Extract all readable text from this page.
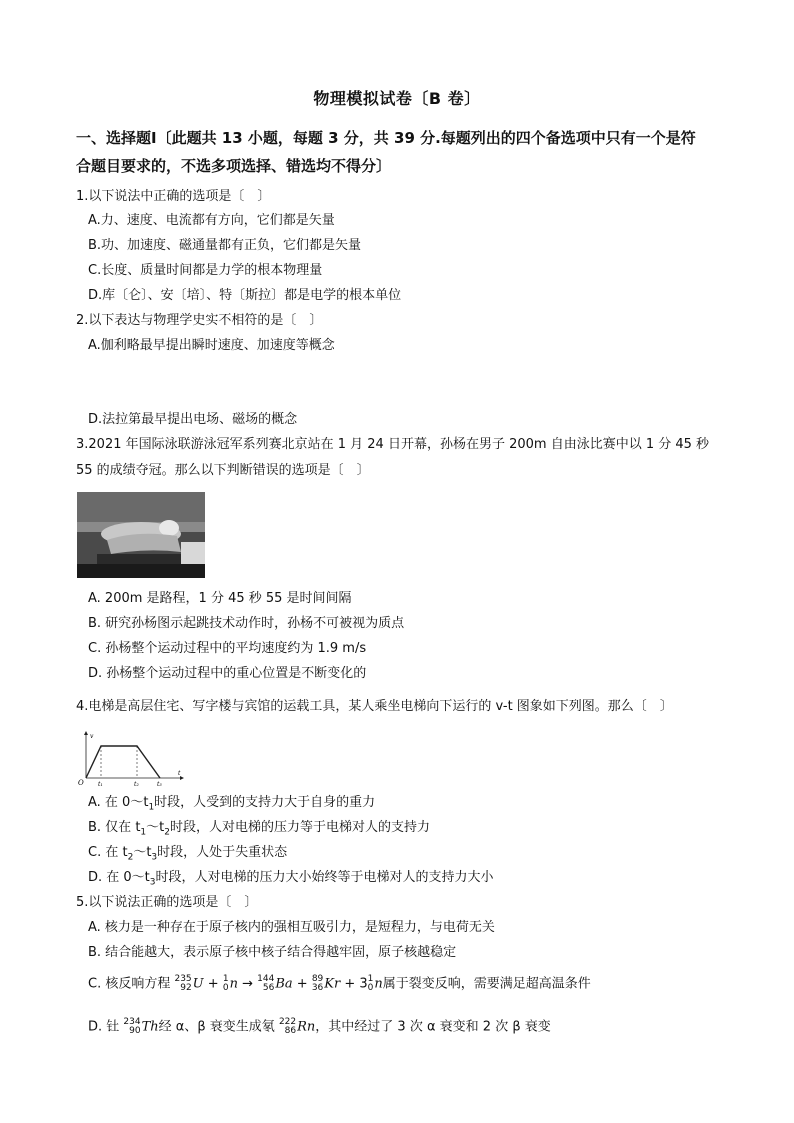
物理模拟试卷〔B 卷〕
一、选择题Ⅰ〔此题共 13 小题，每题 3 分，共 39 分.每题列出的四个备选项中只有一个是符
合题目要求的，不选多项选择、错选均不得分〕
1.以下说法中正确的选项是〔　〕
A.力、速度、电流都有方向，它们都是矢量
B.功、加速度、磁通量都有正负，它们都是矢量
C.长度、质量时间都是力学的根本物理量
D.库〔仑〕、安〔培〕、特〔斯拉〕都是电学的根本单位
2.以下表达与物理学史实不相符的是〔　〕
A.伽利略最早提出瞬时速度、加速度等概念
D.法拉第最早提出电场、磁场的概念
3.2021 年国际泳联游泳冠军系列赛北京站在 1 月 24 日开幕，孙杨在男子 200m 自由泳比赛中以 1 分 45 秒
55 的成绩夺冠。那么以下判断错误的选项是〔　〕
A. 200m 是路程，1 分 45 秒 55 是时间间隔
B. 研究孙杨图示起跳技术动作时，孙杨不可被视为质点
C. 孙杨整个运动过程中的平均速度约为 1.9 m/s
D. 孙杨整个运动过程中的重心位置是不断变化的
4.电梯是高层住宅、写字楼与宾馆的运载工具，某人乘坐电梯向下运行的 v-t 图象如下列图。那么〔　〕
v
t
O t₁	t₂	t₃
A. 在 $0\sim t_1$时段，人受到的支持力大于自身的重力
B. 仅在 $t_1\sim t_2$时段，人对电梯的压力等于电梯对人的支持力
C. 在 $t_2\sim t_3$时段，人处于失重状态
D. 在 $0\sim t_3$时段，人对电梯的压力大小始终等于电梯对人的支持力大小
5.以下说法正确的选项是〔　〕
A. 核力是一种存在于原子核内的强相互吸引力，是短程力，与电荷无关
B. 结合能越大，表示原子核中核子结合得越牢固，原子核越稳定
C. 核反响方程 235
92U + 1
0n → 144
56Ba + 89
36Kr + 31
0n属于裂变反响，需要满足超高温条件
D. 钍 234
90Th经 α、β 衰变生成氡 222
86Rn，其中经过了 3 次 α 衰变和 2 次 β 衰变
